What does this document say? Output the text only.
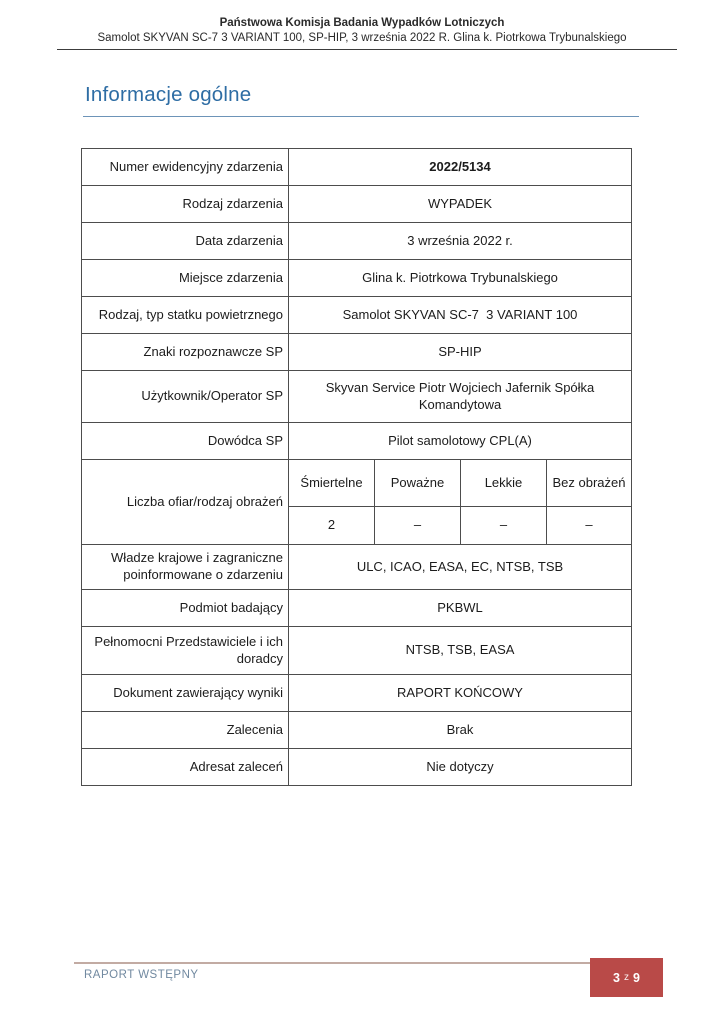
Państwowa Komisja Badania Wypadków Lotniczych
Samolot SKYVAN SC-7 3 VARIANT 100, SP-HIP, 3 września 2022 R. Glina k. Piotrkowa Trybunalskiego
Informacje ogólne
Numer ewidencyjny zdarzenia	2022/5134			
Rodzaj zdarzenia	WYPADEK			
Data zdarzenia	3 września 2022 r.			
Miejsce zdarzenia	Glina k. Piotrkowa Trybunalskiego			
Rodzaj, typ statku powietrznego	Samolot SKYVAN SC-7  3 VARIANT 100			
Znaki rozpoznawcze SP	SP-HIP			
Użytkownik/Operator SP	Skyvan Service Piotr Wojciech Jafernik Spółka Komandytowa			
Dowódca SP	Pilot samolotowy CPL(A)			
Liczba ofiar/rodzaj obrażeń	Śmiertelne	Poważne	Lekkie	Bez obrażeń
	2	–	–	–
Władze krajowe i zagraniczne poinformowane o zdarzeniu	ULC, ICAO, EASA, EC, NTSB, TSB			
Podmiot badający	PKBWL			
Pełnomocni Przedstawiciele i ich doradcy	NTSB, TSB, EASA			
Dokument zawierający wyniki	RAPORT KOŃCOWY			
Zalecenia	Brak			
Adresat zaleceń	Nie dotyczy			
RAPORT WSTĘPNY	3 z 9
